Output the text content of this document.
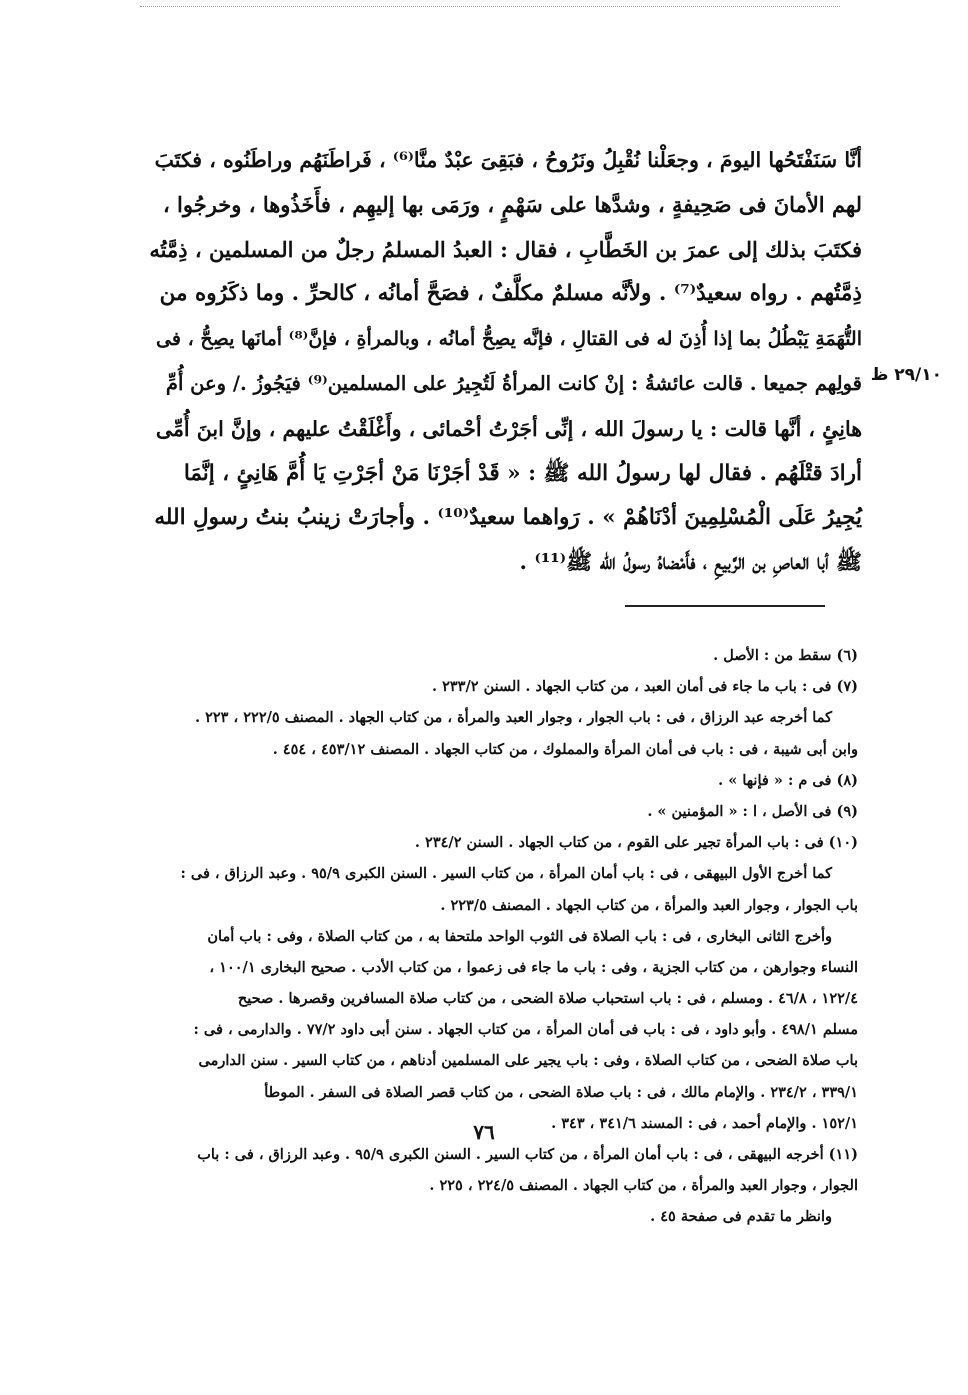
أنَّا سَنَفْتَحُها اليومَ ، وجعَلْنا نُقْبِلُ ونَرُوحُ ، فبَقِىَ عبْدٌ منَّا⁽⁶⁾ ، فَراطَنَهُم وراطَنُوه ، فكتَبَ
لهم الأمانَ فى صَحِيفةٍ ، وشدَّها على سَهْمٍ ، ورَمَى بها إليهِم ، فأَخَذُوها ، وخرجُوا ،
فكتَبَ بذلك إلى عمرَ بن الخَطَّابِ ، فقال : العبدُ المسلمُ رجلٌ من المسلمين ، ذِمَّتُه
ذِمَّتُهم . رواه سعيدٌ⁽⁷⁾ . ولأنَّه مسلمٌ مكلَّفٌ ، فصَحَّ أمانُه ، كالحرِّ . وما ذكَرُوه من
التُّهَمَةِ يَبْطُلُ بما إذا أُذِنَ له فى القتالِ ، فإنَّه يصِحُّ أمانُه ، وبالمرأةِ ، فإنَّ⁽⁸⁾ أمانَها يصِحُّ ، فى
قولِهم جميعا . قالت عائشةُ : إنْ كانت المرأةُ لَتُجِيرُ على المسلمين⁽⁹⁾ فيَجُوزُ ./ وعن أُمِّ
هانِئٍ ، أنَّها قالت : يا رسولَ الله ، إنِّى أجَرْتُ أحْمائى ، وأَغْلَقْتُ عليهم ، وإنَّ ابنَ أُمِّى
أرادَ قتْلَهُم . فقال لها رسولُ الله ﷺ : « قَدْ أجَرْنَا مَنْ أجَرْتِ يَا أُمَّ هَانِئٍ ، إنَّمَا
يُجِيرُ عَلَى الْمُسْلِمِينَ أدْنَاهُمْ » . رَواهما سعيدٌ⁽¹⁰⁾ . وأجارَتْ زينبُ بنتُ رسولِ الله
ﷺ أبا العاصِ بن الرَّبيعِ ، فأَمْضاهُ رسولُ الله ﷺ⁽¹¹⁾ .
٢٩/١٠ ظ
(٦) سقط من : الأصل .
(٧) فى : باب ما جاء فى أمان العبد ، من كتاب الجهاد . السنن ٢٣٣/٢ .
كما أخرجه عبد الرزاق ، فى : باب الجوار ، وجوار العبد والمرأة ، من كتاب الجهاد . المصنف ٢٢٢/٥ ، ٢٢٣ .
وابن أبى شيبة ، فى : باب فى أمان المرأة والمملوك ، من كتاب الجهاد . المصنف ٤٥٣/١٢ ، ٤٥٤ .
(٨) فى م : « فإنها » .
(٩) فى الأصل ، ا : « المؤمنين » .
(١٠) فى : باب المرأة تجير على القوم ، من كتاب الجهاد . السنن ٢٣٤/٢ .
كما أخرج الأول البيهقى ، فى : باب أمان المرأة ، من كتاب السير . السنن الكبرى ٩٥/٩ . وعبد الرزاق ، فى :
باب الجوار ، وجوار العبد والمرأة ، من كتاب الجهاد . المصنف ٢٢٣/٥ .
وأخرج الثانى البخارى ، فى : باب الصلاة فى الثوب الواحد ملتحفا به ، من كتاب الصلاة ، وفى : باب أمان
النساء وجوارهن ، من كتاب الجزية ، وفى : باب ما جاء فى زعموا ، من كتاب الأدب . صحيح البخارى ١٠٠/١ ،
١٢٢/٤ ، ٤٦/٨ . ومسلم ، فى : باب استحباب صلاة الضحى ، من كتاب صلاة المسافرين وقصرها . صحيح
مسلم ٤٩٨/١ . وأبو داود ، فى : باب فى أمان المرأة ، من كتاب الجهاد . سنن أبى داود ٧٧/٢ . والدارمى ، فى :
باب صلاة الضحى ، من كتاب الصلاة ، وفى : باب يجير على المسلمين أدناهم ، من كتاب السير . سنن الدارمى
٣٣٩/١ ، ٢٣٤/٢ . والإمام مالك ، فى : باب صلاة الضحى ، من كتاب قصر الصلاة فى السفر . الموطأ
١٥٢/١ . والإمام أحمد ، فى : المسند ٣٤١/٦ ، ٣٤٣ .
(١١) أخرجه البيهقى ، فى : باب أمان المرأة ، من كتاب السير . السنن الكبرى ٩٥/٩ . وعبد الرزاق ، فى : باب
الجوار ، وجوار العبد والمرأة ، من كتاب الجهاد . المصنف ٢٢٤/٥ ، ٢٢٥ .
وانظر ما تقدم فى صفحة ٤٥ .
٧٦
